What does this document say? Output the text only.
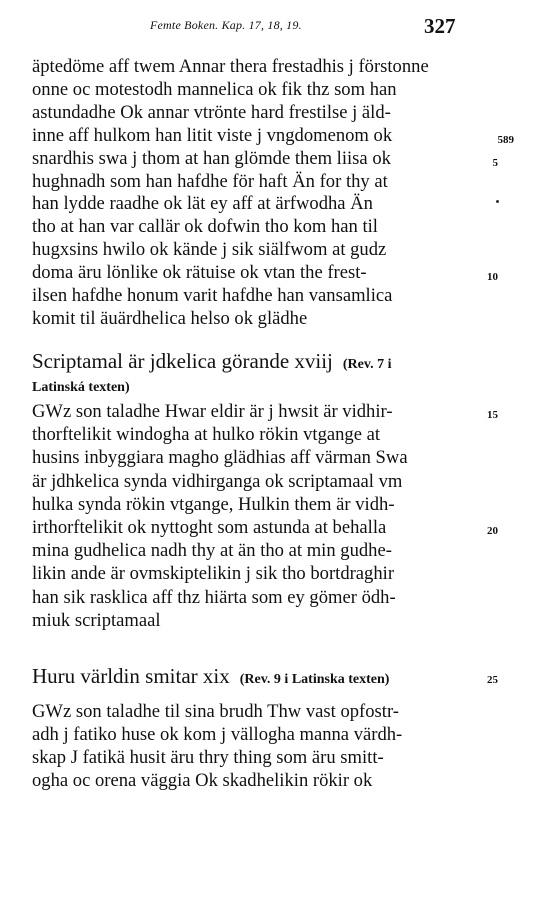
Femte Boken. Kap. 17, 18, 19.	327
äptedöme aff twem Annar thera frestadhis j förstonne
onne oc motestodh mannelica ok fik thz som han
astundadhe Ok annar vtrönte hard frestilse j äld-
inne aff hulkom han litit viste j vngdomenom ok	589
snardhis swa j thom at han glömde them liisa ok	5
hughnadh som han hafdhe för haft Än for thy at
han lydde raadhe ok lät ey aff at ärfwodha Än
tho at han var callär ok dofwin tho kom han til
hugxsins hwilo ok kände j sik siälfwom at gudz
doma äru lönlike ok rätuise ok vtan the frest-	10
ilsen hafdhe honum varit hafdhe han vansamlica
komit til äuärdhelica helso ok glädhe
Scriptamal är jdkelica görande xviij (Rev. 7 i
Latinská texten)
GWz son taladhe Hwar eldir är j hwsit är vidhir-	15
thorftelikit windogha at hulko rökin vtgange at
husins inbyggiara magho glädhias aff värman Swa
är jdhkelica synda vidhirganga ok scriptamaal vm
hulka synda rökin vtgange, Hulkin them är vidh-
irthorftelikit ok nyttoght som astunda at behalla	20
mina gudhelica nadh thy at än tho at min gudhe-
likin ande är ovmskiptelikin j sik tho bortdraghir
han sik rasklica aff thz hiärta som ey gömer ödh-
miuk scriptamaal
Huru världin smitar xix (Rev. 9 i Latinska texten)	25
GWz son taladhe til sina brudh Thw vast opfostr-
adh j fatiko huse ok kom j vällogha manna värdh-
skap J fatikä husit äru thry thing som äru smitt-
ogha oc orena väggia Ok skadhelikin rökir ok
